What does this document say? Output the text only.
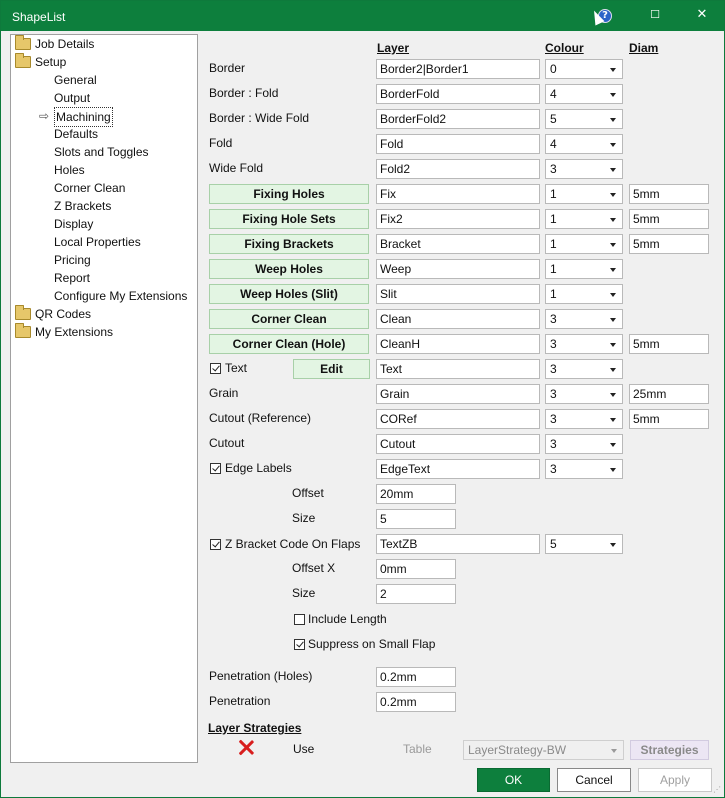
ShapeList	?	☐	✕
Job Details
Setup
General
Output
⇨ Machining
Defaults
Slots and Toggles
Holes
Corner Clean
Z Brackets
Display
Local Properties
Pricing
Report
Configure My Extensions
QR Codes
My Extensions
Layer	Colour	Diam
Border	Border2|Border1	0
Border : Fold	BorderFold	4
Border : Wide Fold	BorderFold2	5
Fold	Fold	4
Wide Fold	Fold2	3
Fixing Holes	Fix	1	5mm
Fixing Hole Sets	Fix2	1	5mm
Fixing Brackets	Bracket	1	5mm
Weep Holes	Weep	1
Weep Holes (Slit)	Slit	1
Corner Clean	Clean	3
Corner Clean (Hole)	CleanH	3	5mm
Text	Edit	Text	3
Grain	Grain	3	25mm
Cutout (Reference)	CORef	3	5mm
Cutout	Cutout	3
Edge Labels	EdgeText	3
Offset	20mm
Size	5
Z Bracket Code On Flaps	TextZB	5
Offset X	0mm
Size	2
Include Length
Suppress on Small Flap
Penetration (Holes)	0.2mm
Penetration	0.2mm
Layer Strategies
Use	Table	LayerStrategy-BW	Strategies
OK	Cancel	Apply
⋰
